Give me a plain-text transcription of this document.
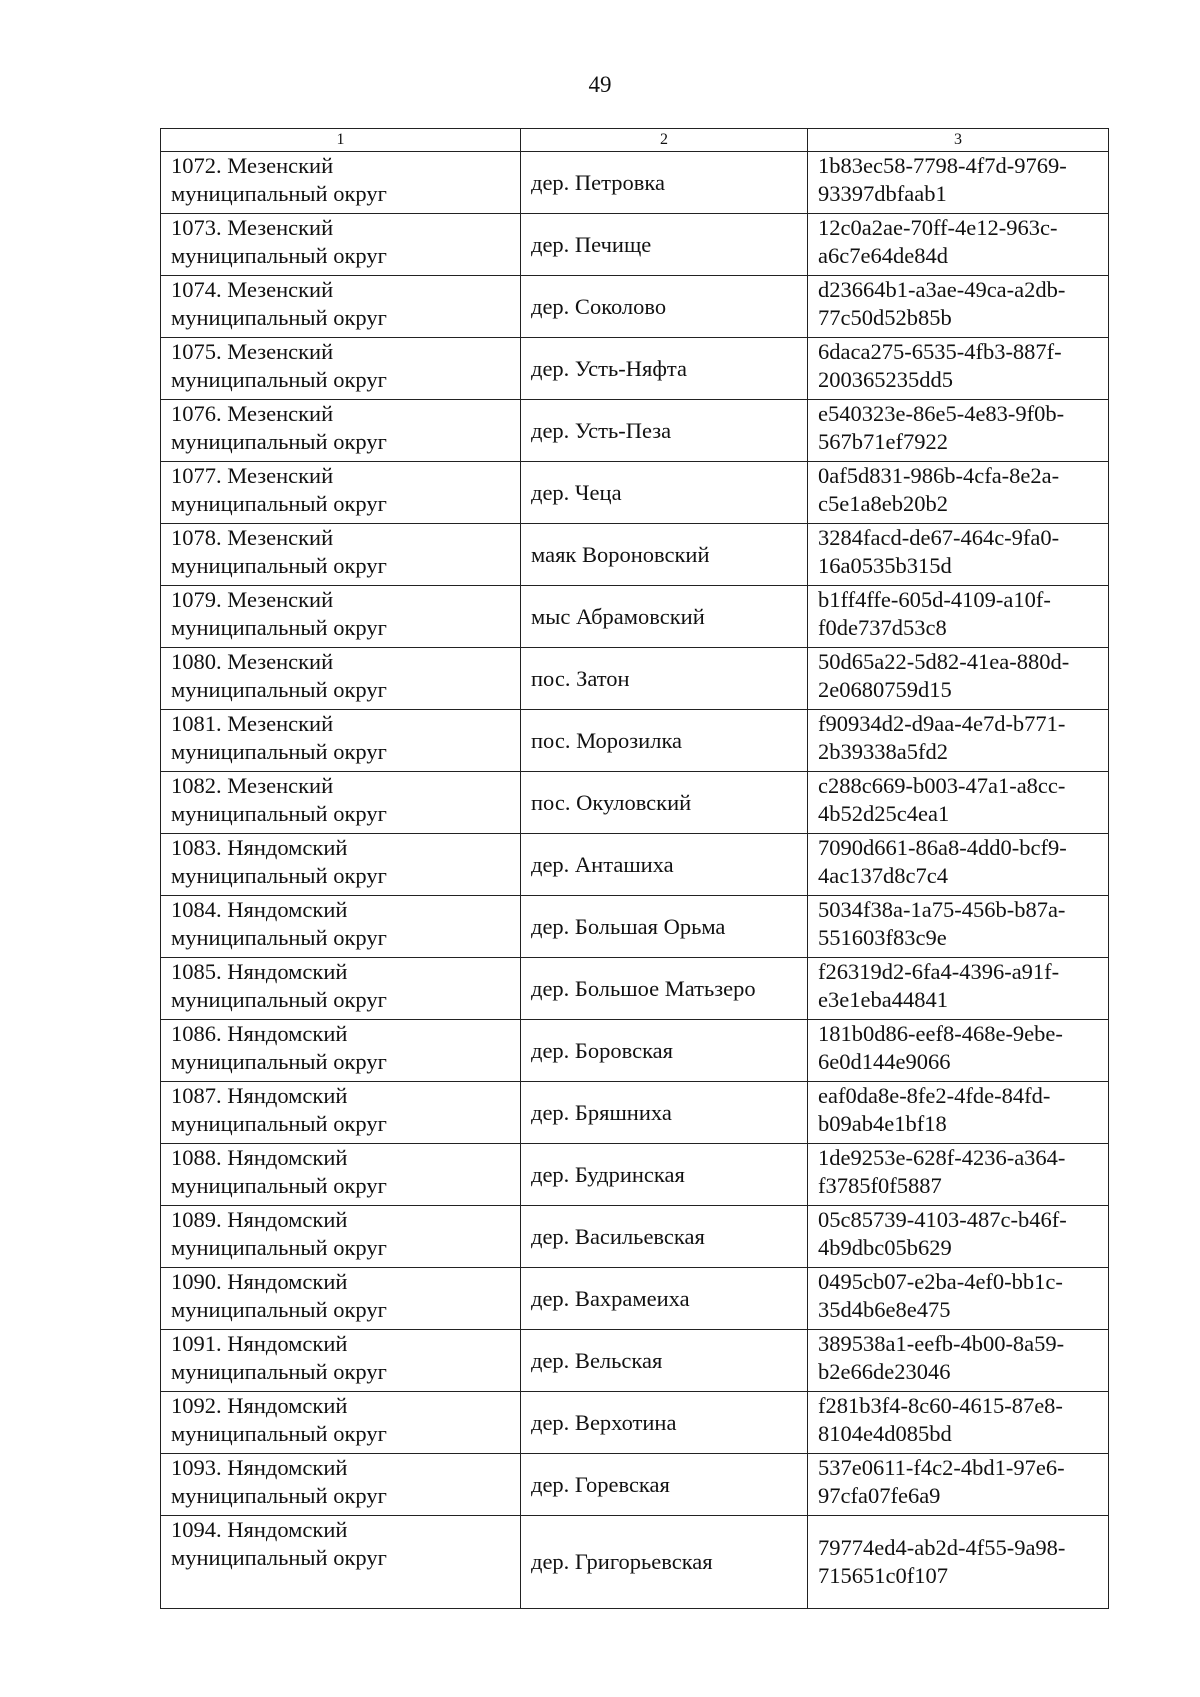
49
1	2	3

1072. Мезенский
муниципальный округ	дер. Петровка	1b83ec58-7798-4f7d-9769-
93397dbfaab1

1073. Мезенский
муниципальный округ	дер. Печище	12c0a2ae-70ff-4e12-963c-
a6c7e64de84d

1074. Мезенский
муниципальный округ	дер. Соколово	d23664b1-a3ae-49ca-a2db-
77c50d52b85b

1075. Мезенский
муниципальный округ	дер. Усть-Няфта	6daca275-6535-4fb3-887f-
200365235dd5

1076. Мезенский
муниципальный округ	дер. Усть-Пеза	e540323e-86e5-4e83-9f0b-
567b71ef7922

1077. Мезенский
муниципальный округ	дер. Чеца	0af5d831-986b-4cfa-8e2a-
c5e1a8eb20b2

1078. Мезенский
муниципальный округ	маяк Вороновский	3284facd-de67-464c-9fa0-
16a0535b315d

1079. Мезенский
муниципальный округ	мыс Абрамовский	b1ff4ffe-605d-4109-a10f-
f0de737d53c8

1080. Мезенский
муниципальный округ	пос. Затон	50d65a22-5d82-41ea-880d-
2e0680759d15

1081. Мезенский
муниципальный округ	пос. Морозилка	f90934d2-d9aa-4e7d-b771-
2b39338a5fd2

1082. Мезенский
муниципальный округ	пос. Окуловский	c288c669-b003-47a1-a8cc-
4b52d25c4ea1

1083. Няндомский
муниципальный округ	дер. Анташиха	7090d661-86a8-4dd0-bcf9-
4ac137d8c7c4

1084. Няндомский
муниципальный округ	дер. Большая Орьма	5034f38a-1a75-456b-b87a-
551603f83c9e

1085. Няндомский
муниципальный округ	дер. Большое Матьзеро	f26319d2-6fa4-4396-a91f-
e3e1eba44841

1086. Няндомский
муниципальный округ	дер. Боровская	181b0d86-eef8-468e-9ebe-
6e0d144e9066

1087. Няндомский
муниципальный округ	дер. Бряшниха	eaf0da8e-8fe2-4fde-84fd-
b09ab4e1bf18

1088. Няндомский
муниципальный округ	дер. Будринская	1de9253e-628f-4236-a364-
f3785f0f5887

1089. Няндомский
муниципальный округ	дер. Васильевская	05c85739-4103-487c-b46f-
4b9dbc05b629

1090. Няндомский
муниципальный округ	дер. Вахрамеиха	0495cb07-e2ba-4ef0-bb1c-
35d4b6e8e475

1091. Няндомский
муниципальный округ	дер. Вельская	389538a1-eefb-4b00-8a59-
b2e66de23046

1092. Няндомский
муниципальный округ	дер. Верхотина	f281b3f4-8c60-4615-87e8-
8104e4d085bd

1093. Няндомский
муниципальный округ	дер. Горевская	537e0611-f4c2-4bd1-97e6-
97cfa07fe6a9

1094. Няндомский
муниципальный округ	дер. Григорьевская	79774ed4-ab2d-4f55-9a98-
715651c0f107
